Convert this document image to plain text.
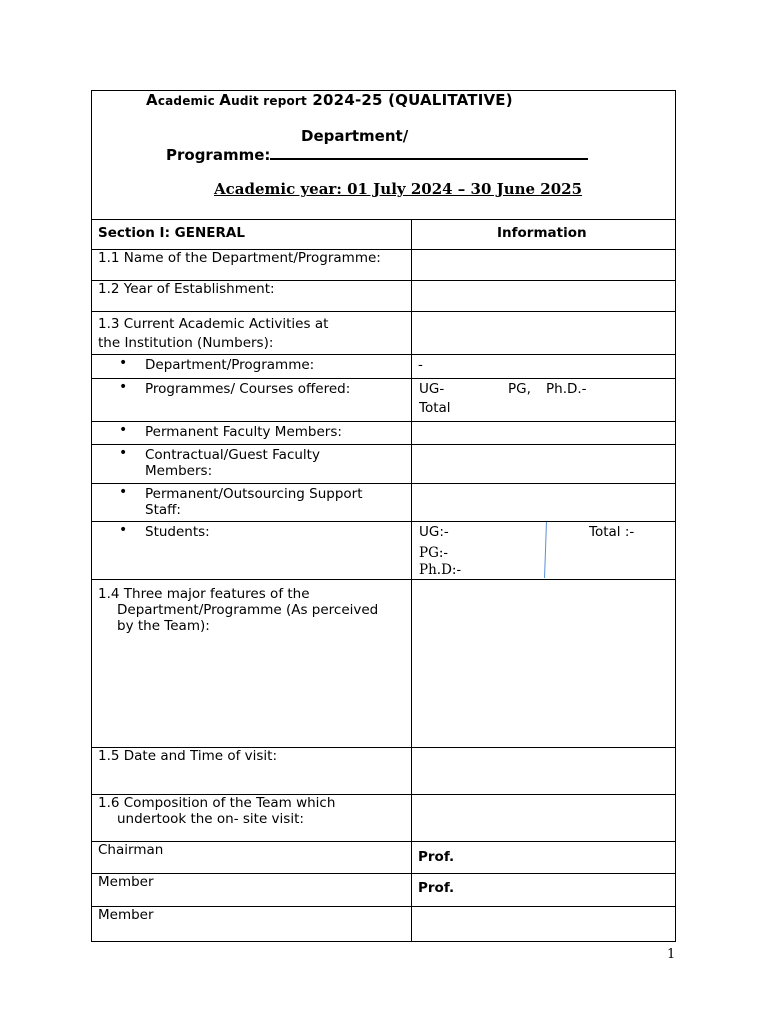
Academic Audit report 2024-25 (QUALITATIVE)
Department/
Programme:
Academic year: 01 July 2024 – 30 June 2025
Section I: GENERAL	Information
1.1 Name of the Department/Programme:
1.2 Year of Establishment:
1.3 Current Academic Activities at
the Institution (Numbers):
• Department/Programme:	-
• Programmes/ Courses offered:	UG-	PG, Ph.D.-
Total
• Permanent Faculty Members:
• Contractual/Guest Faculty
Members:
• Permanent/Outsourcing Support
Staff:
• Students:	UG:-	Total :-
PG:-
Ph.D:-
1.4 Three major features of the
Department/Programme (As perceived
by the Team):
1.5 Date and Time of visit:
1.6 Composition of the Team which
undertook the on- site visit:
Chairman	Prof.
Member	Prof.
Member
1
